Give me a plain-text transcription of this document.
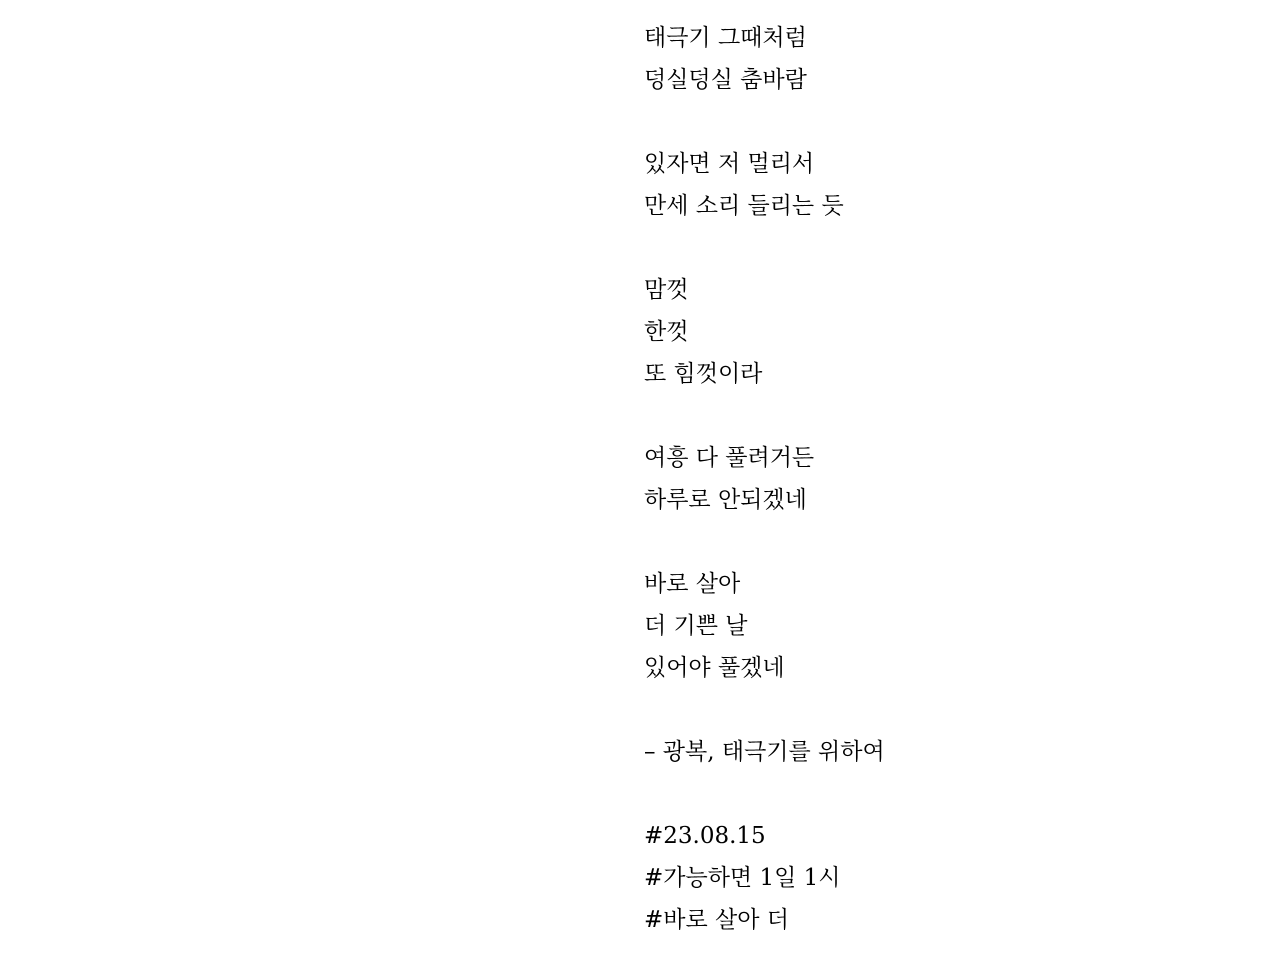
태극기 그때처럼
덩실덩실 춤바람
있자면 저 멀리서
만세 소리 들리는 듯
맘껏
한껏
또 힘껏이라
여흥 다 풀려거든
하루로 안되겠네
바로 살아
더 기쁜 날
있어야 풀겠네
– 광복, 태극기를 위하여
#23.08.15
#가능하면 1일 1시
#바로 살아 더
